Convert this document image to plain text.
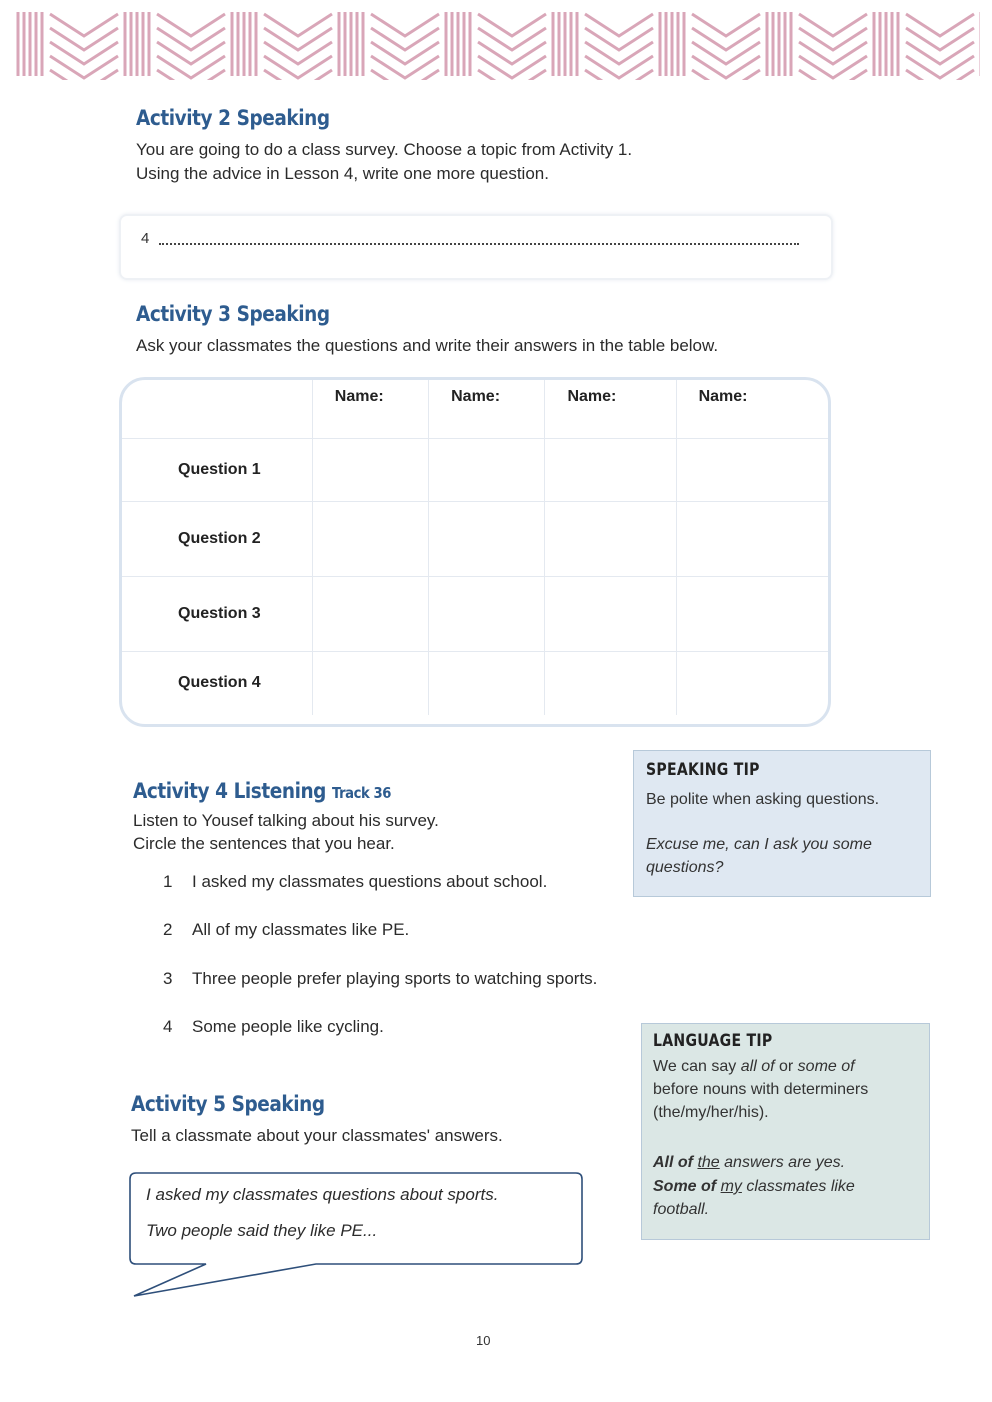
Activity 2 Speaking
You are going to do a class survey. Choose a topic from Activity 1.
Using the advice in Lesson 4, write one more question.
4
Activity 3 Speaking
Ask your classmates the questions and write their answers in the table below.
	Name:	Name:	Name:	Name:
Question 1				
Question 2				
Question 3				
Question 4				
SPEAKING TIP
Be polite when asking questions.
Excuse me, can I ask you some
questions?
Activity 4 Listening Track 36
Listen to Yousef talking about his survey.
Circle the sentences that you hear.
1 I asked my classmates questions about school.
2 All of my classmates like PE.
3 Three people prefer playing sports to watching sports.
4 Some people like cycling.
LANGUAGE TIP
We can say all of or some of
before nouns with determiners
(the/my/her/his).
All of the answers are yes.
Some of my classmates like
football.
Activity 5 Speaking
Tell a classmate about your classmates' answers.
I asked my classmates questions about sports.
Two people said they like PE...
10
